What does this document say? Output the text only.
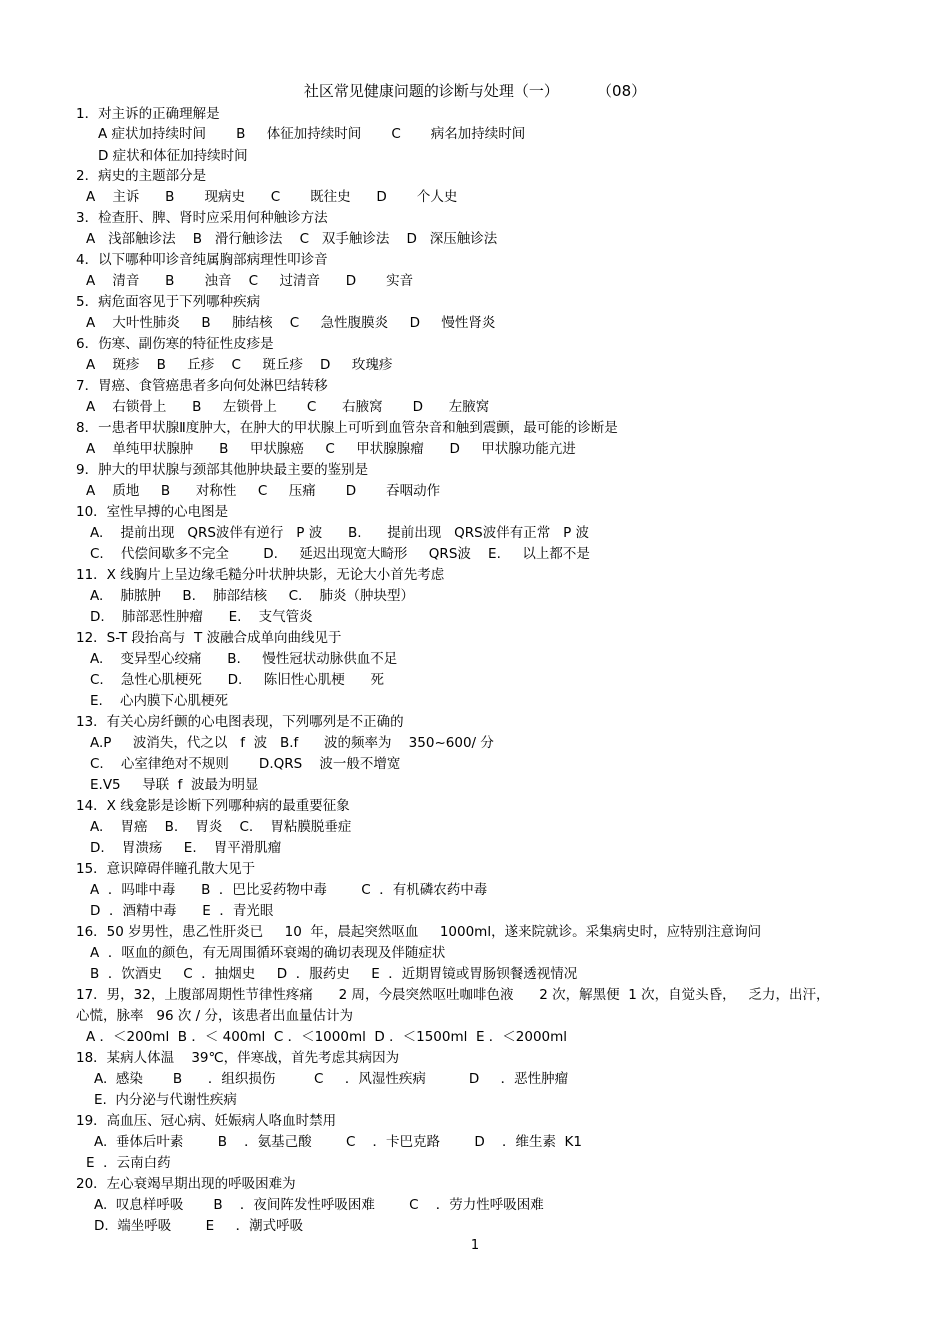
社区常见健康问题的诊断与处理（一）	（08）
1．对主诉的正确理解是
A 症状加持续时间       B     体征加持续时间       C       病名加持续时间
D 症状和体征加持续时间
2．病史的主题部分是
A    主诉      B       现病史      C       既往史      D       个人史
3．检查肝、脾、肾时应采用何种触诊方法
A   浅部触诊法    B   滑行触诊法    C   双手触诊法    D   深压触诊法
4．以下哪种叩诊音纯属胸部病理性叩诊音
A    清音      B       浊音    C     过清音      D       实音
5．病危面容见于下列哪种疾病
A    大叶性肺炎     B     肺结核    C     急性腹膜炎     D     慢性肾炎
6．伤寒、副伤寒的特征性皮疹是
A    斑疹    B     丘疹    C     斑丘疹    D     玫瑰疹
7．胃癌、食管癌患者多向何处淋巴结转移
A    右锁骨上      B     左锁骨上       C      右腋窝       D      左腋窝
8．一患者甲状腺Ⅱ度肿大，在肿大的甲状腺上可听到血管杂音和触到震颤，最可能的诊断是
A    单纯甲状腺肿      B     甲状腺癌     C     甲状腺腺瘤      D     甲状腺功能亢进
9．肿大的甲状腺与颈部其他肿块最主要的鉴别是
A    质地     B      对称性     C     压痛       D       吞咽动作
10．室性早搏的心电图是
A.    提前出现   QRS波伴有逆行   P 波      B.      提前出现   QRS波伴有正常   P 波
C.    代偿间歇多不完全        D.     延迟出现宽大畸形     QRS波    E.     以上都不是
11．X 线胸片上呈边缘毛糙分叶状肿块影，无论大小首先考虑
A.    肺脓肿     B.    肺部结核     C.    肺炎（肿块型）
D.    肺部恶性肿瘤      E.    支气管炎
12．S-T 段抬高与  T 波融合成单向曲线见于
A.    变异型心绞痛      B.     慢性冠状动脉供血不足
C.    急性心肌梗死      D.     陈旧性心肌梗      死
E.    心内膜下心肌梗死
13．有关心房纤颤的心电图表现，下列哪列是不正确的
A.P     波消失，代之以   f  波   B.f      波的频率为    350~600/ 分
C.    心室律绝对不规则       D.QRS    波一般不增宽
E.V5     导联  f  波最为明显
14．X 线龛影是诊断下列哪种病的最重要征象
A.    胃癌    B.    胃炎    C.    胃粘膜脱垂症
D.    胃溃疡     E.    胃平滑肌瘤
15．意识障碍伴瞳孔散大见于
A  ．吗啡中毒      B  ．巴比妥药物中毒        C  ．有机磷农药中毒
D  ．酒精中毒      E  ．青光眼
16．50 岁男性，患乙性肝炎已     10  年，晨起突然呕血     1000ml，遂来院就诊。采集病史时，应特别注意询问
A  ．呕血的颜色，有无周围循环衰竭的确切表现及伴随症状
B  ．饮酒史     C  ．抽烟史     D  ．服药史     E  ．近期胃镜或胃肠钡餐透视情况
17．男，32，上腹部周期性节律性疼痛      2 周，今晨突然呕吐咖啡色液      2 次，解黑便  1 次，自觉头昏，   乏力，出汗，
心慌，脉率   96 次 / 分，该患者出血量估计为
A ．＜200ml  B ．＜ 400ml  C ．＜1000ml  D ．＜1500ml  E ．＜2000ml
18．某病人体温    39℃，伴寒战，首先考虑其病因为
A.  感染       B      ．组织损伤         C     ．风湿性疾病          D     ．恶性肿瘤
E.  内分泌与代谢性疾病
19．高血压、冠心病、妊娠病人咯血时禁用
A.  垂体后叶素        B    ．氨基己酸        C    ．卡巴克路        D    ．维生素  K1
E  ．云南白药
20．左心衰竭早期出现的呼吸困难为
A.  叹息样呼吸       B    ．夜间阵发性呼吸困难        C    ．劳力性呼吸困难
D.  端坐呼吸        E     ．潮式呼吸
1
